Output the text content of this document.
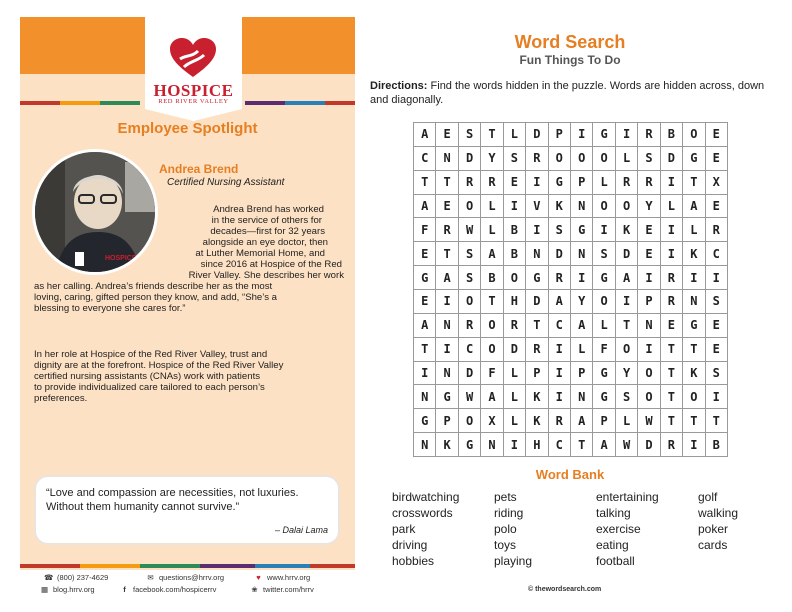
HOSPICE
RED RIVER VALLEY
Employee Spotlight
HOSPICE
Andrea Brend
Certified Nursing Assistant
Andrea Brend has worked
in the service of others for
decades—first for 32 years
alongside an eye doctor, then
at Luther Memorial Home, and
since 2016 at Hospice of the Red
River Valley. She describes her work
as her calling. Andrea’s friends describe her as the most
loving, caring, gifted person they know, and add, “She’s a
blessing to everyone she cares for.”
In her role at Hospice of the Red River Valley, trust and
dignity are at the forefront. Hospice of the Red River Valley
certified nursing assistants (CNAs) work with patients
to provide individualized care tailored to each person’s
preferences.
“Love and compassion are necessities, not luxuries.
Without them humanity cannot survive.”
– Dalai Lama
☎ (800) 237-4629	✉ questions@hrrv.org	♥ www.hrrv.org
▦ blog.hrrv.org	f facebook.com/hospicerrv	❀ twitter.com/hrrv
Word Search
Fun Things To Do
Directions: Find the words hidden in the puzzle. Words are hidden across, down and diagonally.
A	E	S	T	L	D	P	I	G	I	R	B	O	E
C	N	D	Y	S	R	O	O	O	L	S	D	G	E
T	T	R	R	E	I	G	P	L	R	R	I	T	X
A	E	O	L	I	V	K	N	O	O	Y	L	A	E
F	R	W	L	B	I	S	G	I	K	E	I	L	R
E	T	S	A	B	N	D	N	S	D	E	I	K	C
G	A	S	B	O	G	R	I	G	A	I	R	I	I
E	I	O	T	H	D	A	Y	O	I	P	R	N	S
A	N	R	O	R	T	C	A	L	T	N	E	G	E
T	I	C	O	D	R	I	L	F	O	I	T	T	E
I	N	D	F	L	P	I	P	G	Y	O	T	K	S
N	G	W	A	L	K	I	N	G	S	O	T	O	I
G	P	O	X	L	K	R	A	P	L	W	T	T	T
N	K	G	N	I	H	C	T	A	W	D	R	I	B
Word Bank
birdwatching
crosswords
park
driving
hobbies
pets
riding
polo
toys
playing
entertaining
talking
exercise
eating
football
golf
walking
poker
cards
© thewordsearch.com
